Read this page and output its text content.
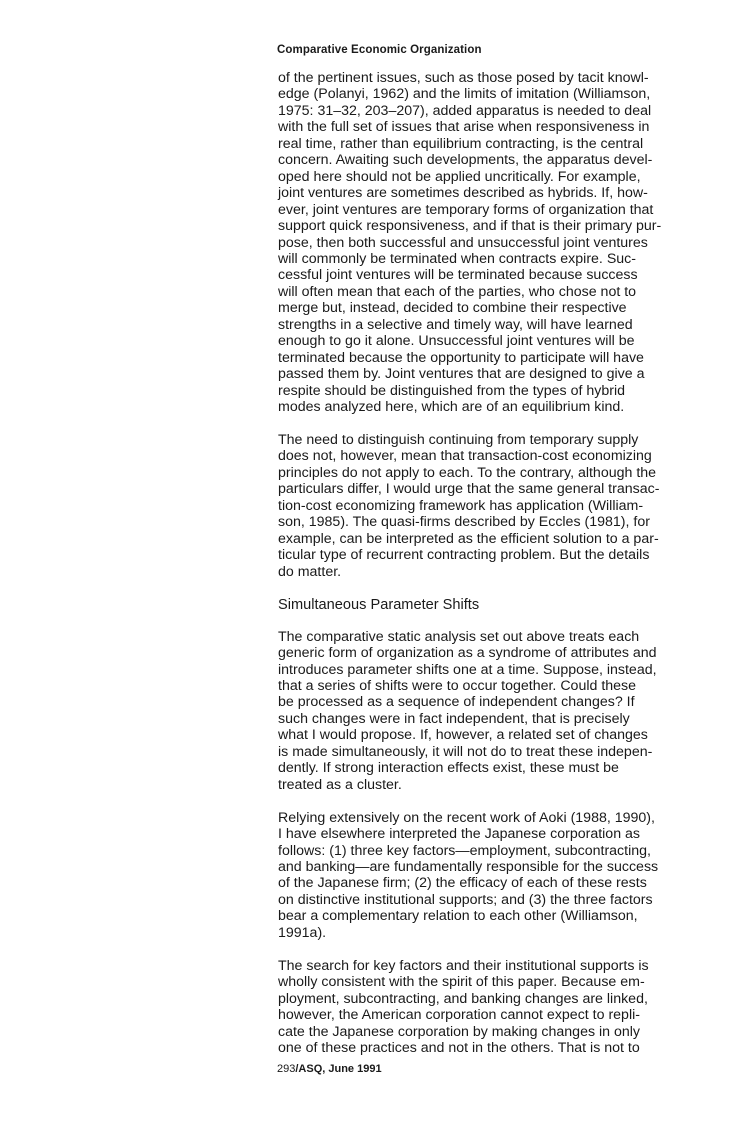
Comparative Economic Organization

of the pertinent issues, such as those posed by tacit knowl-
edge (Polanyi, 1962) and the limits of imitation (Williamson,
1975: 31–32, 203–207), added apparatus is needed to deal
with the full set of issues that arise when responsiveness in
real time, rather than equilibrium contracting, is the central
concern. Awaiting such developments, the apparatus devel-
oped here should not be applied uncritically. For example,
joint ventures are sometimes described as hybrids. If, how-
ever, joint ventures are temporary forms of organization that
support quick responsiveness, and if that is their primary pur-
pose, then both successful and unsuccessful joint ventures
will commonly be terminated when contracts expire. Suc-
cessful joint ventures will be terminated because success
will often mean that each of the parties, who chose not to
merge but, instead, decided to combine their respective
strengths in a selective and timely way, will have learned
enough to go it alone. Unsuccessful joint ventures will be
terminated because the opportunity to participate will have
passed them by. Joint ventures that are designed to give a
respite should be distinguished from the types of hybrid
modes analyzed here, which are of an equilibrium kind.

The need to distinguish continuing from temporary supply
does not, however, mean that transaction-cost economizing
principles do not apply to each. To the contrary, although the
particulars differ, I would urge that the same general transac-
tion-cost economizing framework has application (William-
son, 1985). The quasi-firms described by Eccles (1981), for
example, can be interpreted as the efficient solution to a par-
ticular type of recurrent contracting problem. But the details
do matter.

Simultaneous Parameter Shifts

The comparative static analysis set out above treats each
generic form of organization as a syndrome of attributes and
introduces parameter shifts one at a time. Suppose, instead,
that a series of shifts were to occur together. Could these
be processed as a sequence of independent changes? If
such changes were in fact independent, that is precisely
what I would propose. If, however, a related set of changes
is made simultaneously, it will not do to treat these indepen-
dently. If strong interaction effects exist, these must be
treated as a cluster.

Relying extensively on the recent work of Aoki (1988, 1990),
I have elsewhere interpreted the Japanese corporation as
follows: (1) three key factors—employment, subcontracting,
and banking—are fundamentally responsible for the success
of the Japanese firm; (2) the efficacy of each of these rests
on distinctive institutional supports; and (3) the three factors
bear a complementary relation to each other (Williamson,
1991a).

The search for key factors and their institutional supports is
wholly consistent with the spirit of this paper. Because em-
ployment, subcontracting, and banking changes are linked,
however, the American corporation cannot expect to repli-
cate the Japanese corporation by making changes in only
one of these practices and not in the others. That is not to

293/ASQ, June 1991
